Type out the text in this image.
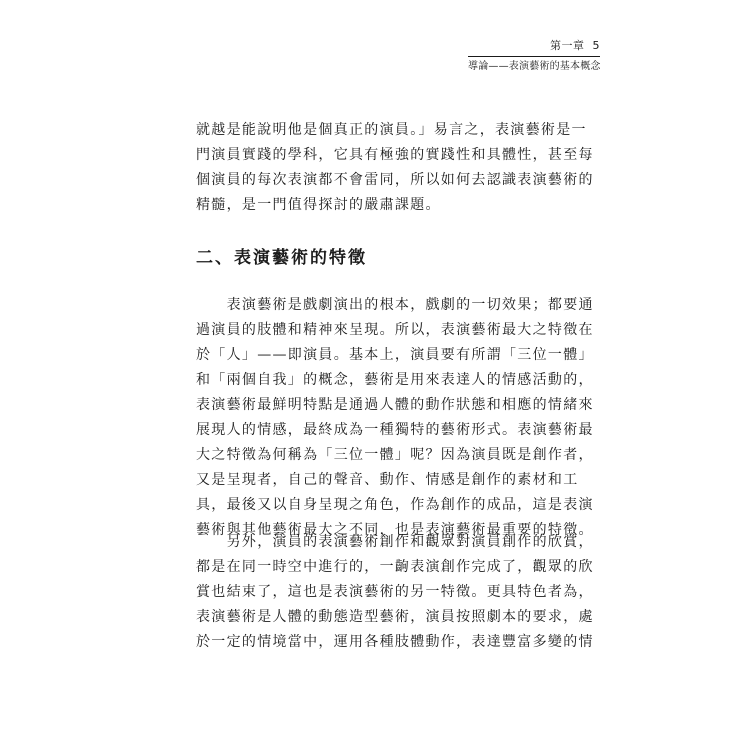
第一章 5
導論——表演藝術的基本概念
就越是能說明他是個真正的演員。」易言之，表演藝術是一
門演員實踐的學科，它具有極強的實踐性和具體性，甚至每
個演員的每次表演都不會雷同，所以如何去認識表演藝術的
精髓，是一門值得探討的嚴肅課題。
二、表演藝術的特徵
　　表演藝術是戲劇演出的根本，戲劇的一切效果；都要通
過演員的肢體和精神來呈現。所以，表演藝術最大之特徵在
於「人」——即演員。基本上，演員要有所謂「三位一體」
和「兩個自我」的概念，藝術是用來表達人的情感活動的，
表演藝術最鮮明特點是通過人體的動作狀態和相應的情緒來
展現人的情感，最終成為一種獨特的藝術形式。表演藝術最
大之特徵為何稱為「三位一體」呢？因為演員既是創作者，
又是呈現者，自己的聲音、動作、情感是創作的素材和工
具，最後又以自身呈現之角色，作為創作的成品，這是表演
藝術與其他藝術最大之不同，也是表演藝術最重要的特徵。
　　另外，演員的表演藝術創作和觀眾對演員創作的欣賞，
都是在同一時空中進行的，一齣表演創作完成了，觀眾的欣
賞也結束了，這也是表演藝術的另一特徵。更具特色者為，
表演藝術是人體的動態造型藝術，演員按照劇本的要求，處
於一定的情境當中，運用各種肢體動作，表達豐富多變的情
